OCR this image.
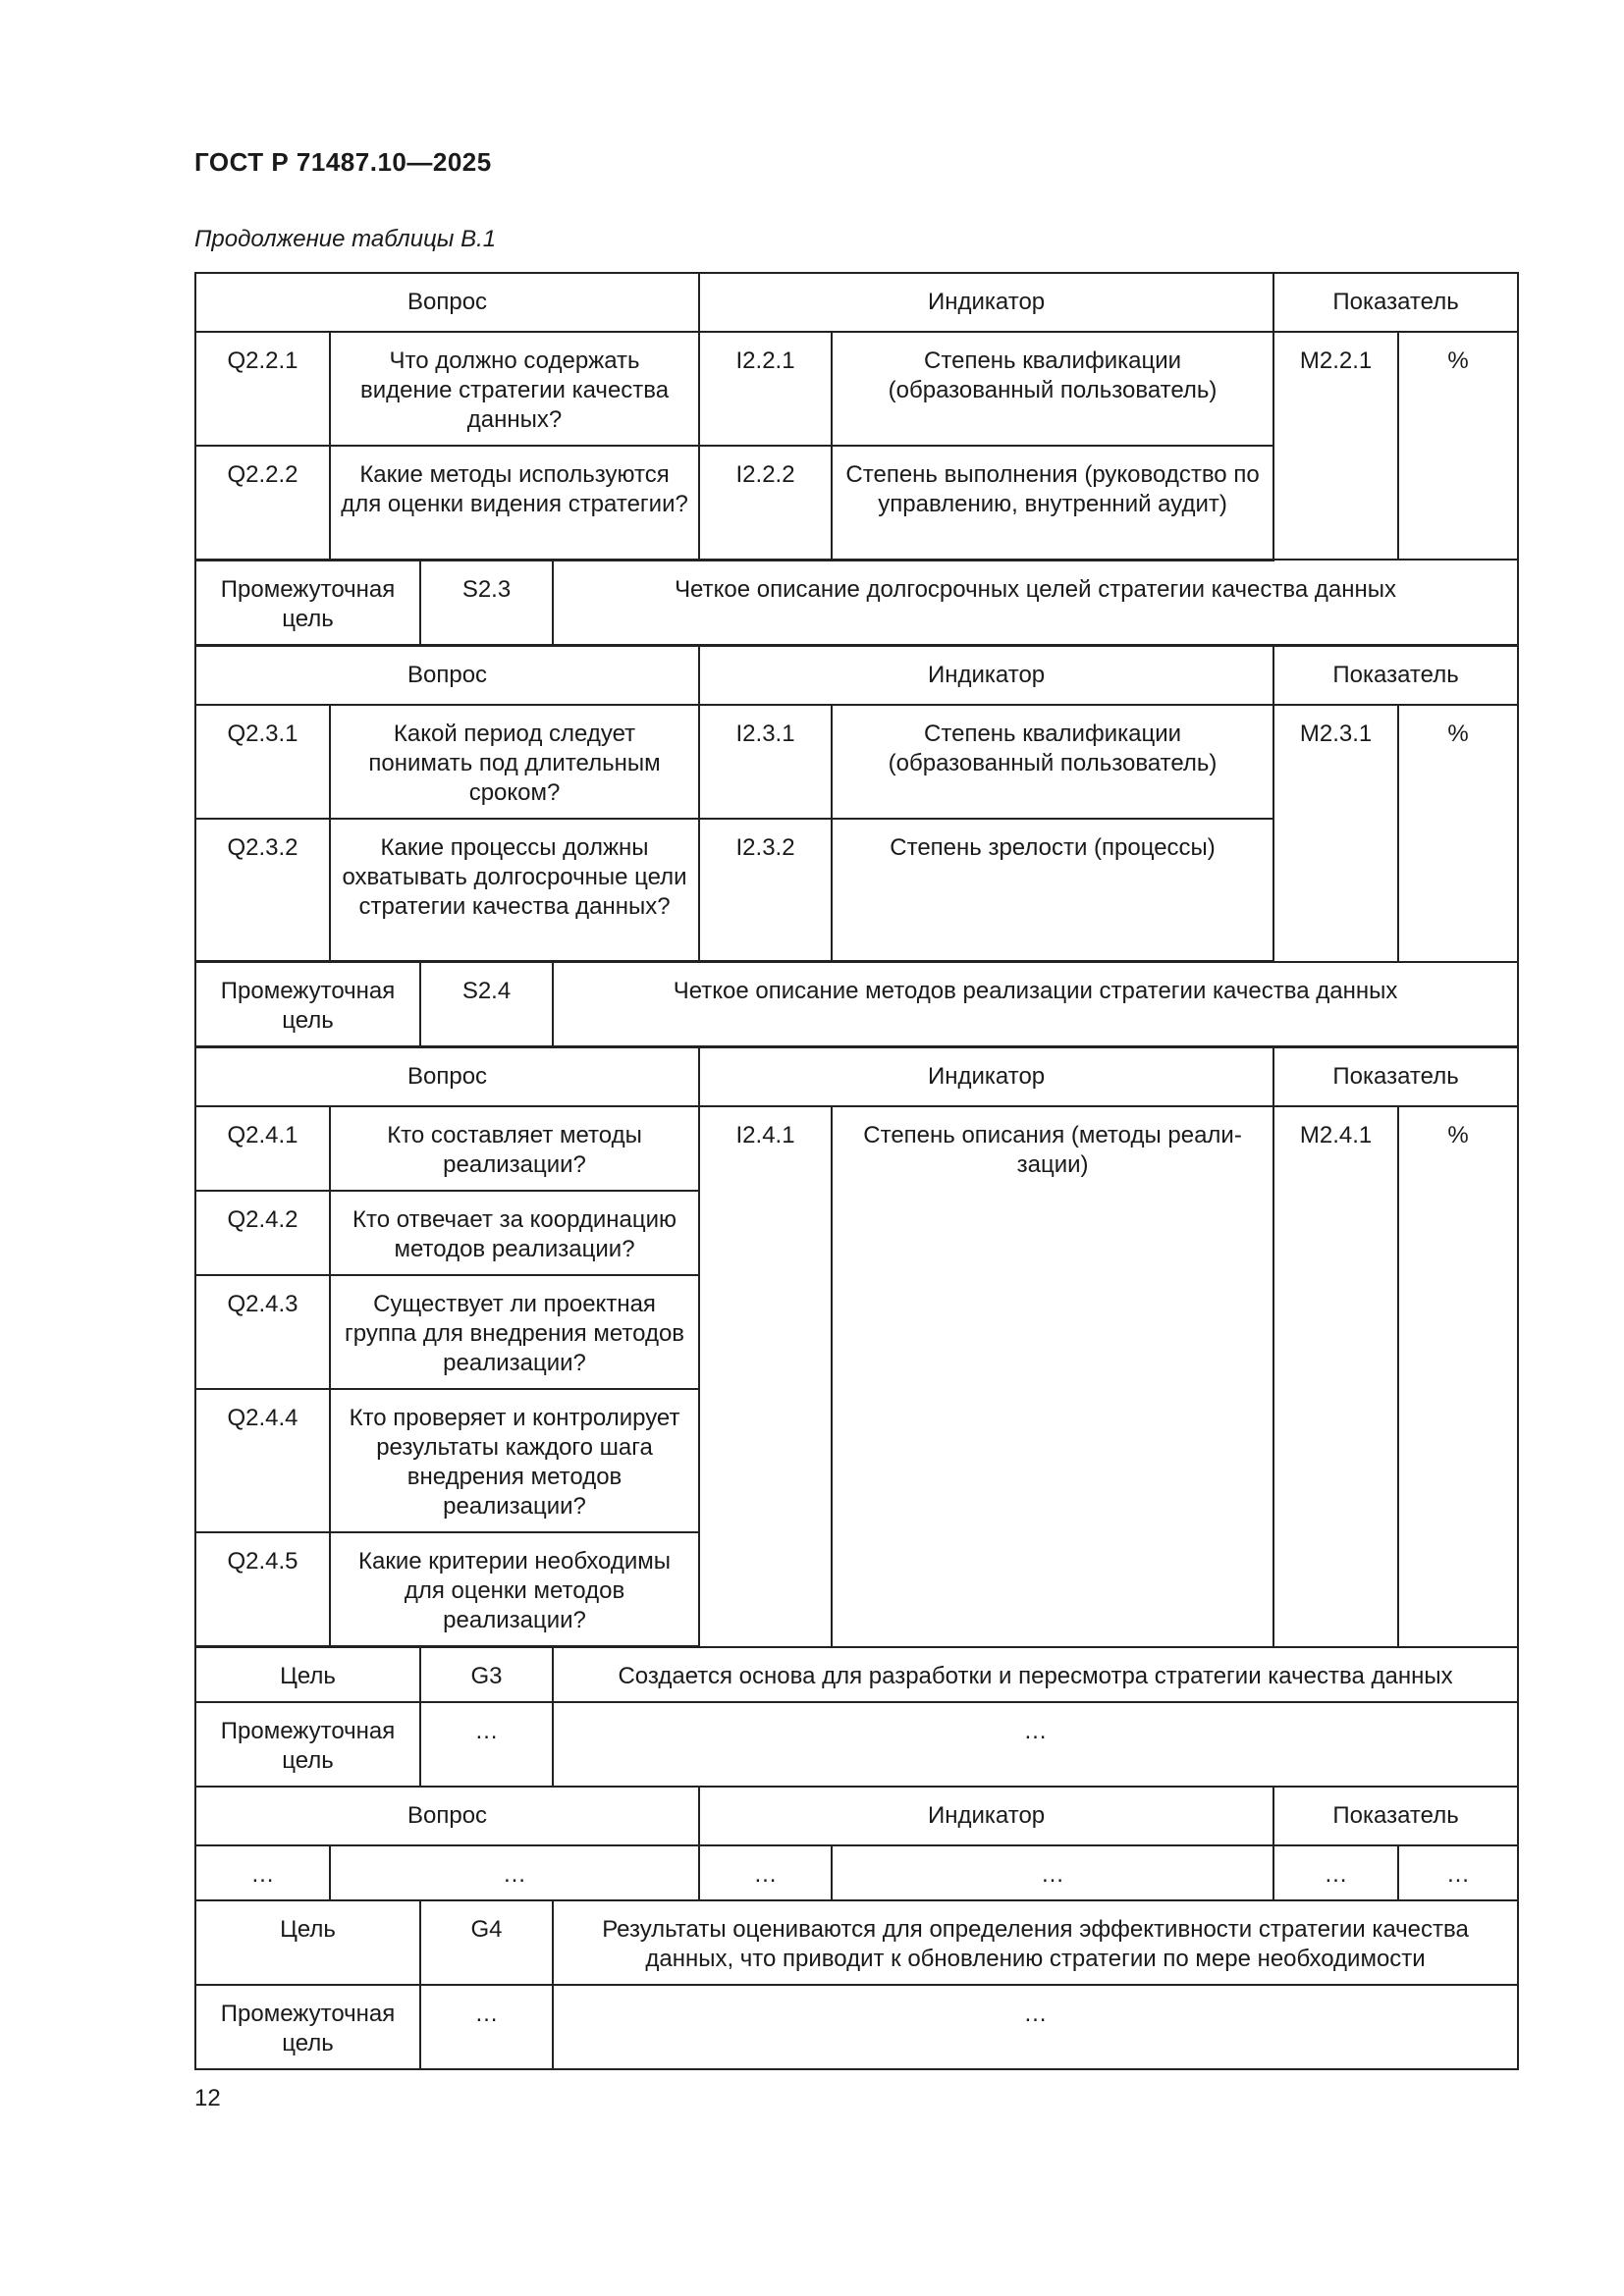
ГОСТ Р 71487.10—2025
Продолжение таблицы В.1
Вопрос				Индикатор		Показатель	
Q2.2.1	Что должно содержать видение стратегии качества данных?			I2.2.1	Степень квалификации (образованный пользователь)	M2.2.1	%
Q2.2.2	Какие методы используются для оценки видения стратегии?			I2.2.2	Степень выполнения (руководство по управлению, внутренний аудит)		
Промежуточная цель		S2.3	Четкое описание долгосрочных целей стратегии качества данных				
Вопрос				Индикатор		Показатель	
Q2.3.1	Какой период следует понимать под длительным сроком?			I2.3.1	Степень квалификации (образованный пользователь)	M2.3.1	%
Q2.3.2	Какие процессы должны охватывать долгосрочные цели стратегии качества данных?			I2.3.2	Степень зрелости (процессы)		
Промежуточная цель		S2.4	Четкое описание методов реализации стратегии качества данных				
Вопрос				Индикатор		Показатель	
Q2.4.1	Кто составляет методы реализации?			I2.4.1	Степень описания (методы реали-зации)	M2.4.1	%
Q2.4.2	Кто отвечает за координацию методов реализации?						
Q2.4.3	Существует ли проектная группа для внедрения методов реализации?						
Q2.4.4	Кто проверяет и контролирует результаты каждого шага внедрения методов реализации?						
Q2.4.5	Какие критерии необходимы для оценки методов реализации?						
Цель		G3	Создается основа для разработки и пересмотра стратегии качества данных				
Промежуточная цель		…	…				
Вопрос				Индикатор		Показатель	
…	…			…	…	…	…
Цель		G4	Результаты оцениваются для определения эффективности стратегии качества данных, что приводит к обновлению стратегии по мере необходимости				
Промежуточная цель		…	…				
12
